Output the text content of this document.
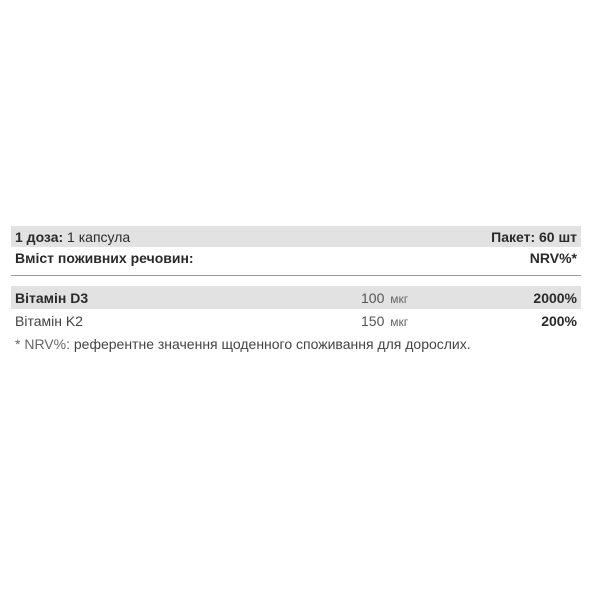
1 доза: 1 капсула	Пакет: 60 шт
Вміст поживних речовин:	NRV%*
Вітамін D3	100 мкг	2000%
Вітамін K2	150 мкг	200%
* NRV%: референтне значення щоденного споживання для дорослих.
